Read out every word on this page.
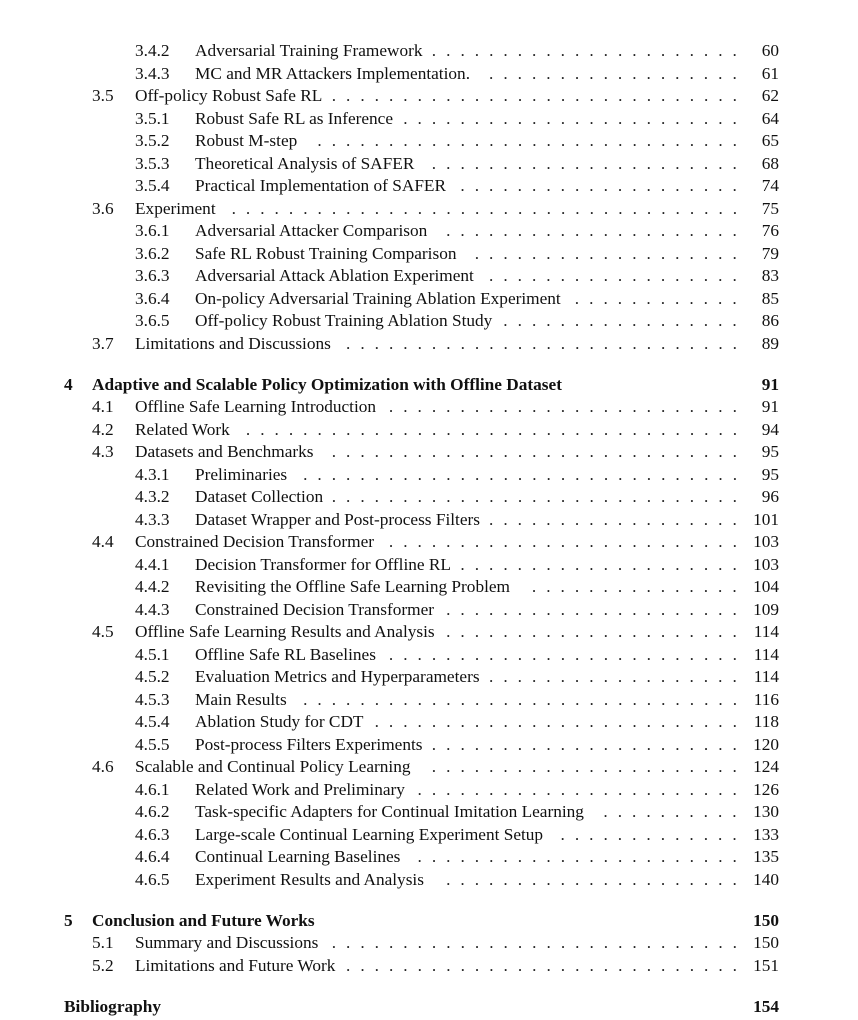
3.4.2 Adversarial Training Framework	60
......................
3.4.3 MC and MR Attackers Implementation.	61
..................
3.5 Off-policy Robust Safe RL	62
.............................
3.5.1 Robust Safe RL as Inference	64
........................
3.5.2 Robust M-step	65
..............................
3.5.3 Theoretical Analysis of SAFER	68
......................
3.5.4 Practical Implementation of SAFER	74
....................
3.6 Experiment	75
....................................
3.6.1 Adversarial Attacker Comparison	76
.....................
3.6.2 Safe RL Robust Training Comparison	79
...................
3.6.3 Adversarial Attack Ablation Experiment	83
..................
3.6.4 On-policy Adversarial Training Ablation Experiment	85
............
3.6.5 Off-policy Robust Training Ablation Study	86
.................
3.7 Limitations and Discussions	89
............................
4 Adaptive and Scalable Policy Optimization with Offline Dataset	91
4.1 Offline Safe Learning Introduction	91
.........................
4.2 Related Work	94
...................................
4.3 Datasets and Benchmarks	95
.............................
4.3.1 Preliminaries	95
...............................
4.3.2 Dataset Collection	96
.............................
4.3.3 Dataset Wrapper and Post-process Filters	101
..................
4.4 Constrained Decision Transformer	103
.........................
4.4.1 Decision Transformer for Offline RL	103
....................
4.4.2 Revisiting the Offline Safe Learning Problem	104
...............
4.4.3 Constrained Decision Transformer	109
.....................
4.5 Offline Safe Learning Results and Analysis	114
.....................
4.5.1 Offline Safe RL Baselines	114
.........................
4.5.2 Evaluation Metrics and Hyperparameters	114
..................
4.5.3 Main Results	116
...............................
4.5.4 Ablation Study for CDT	118
..........................
4.5.5 Post-process Filters Experiments	120
......................
4.6 Scalable and Continual Policy Learning	124
......................
4.6.1 Related Work and Preliminary	126
.......................
4.6.2 Task-specific Adapters for Continual Imitation Learning	130
..........
4.6.3 Large-scale Continual Learning Experiment Setup	133
.............
4.6.4 Continual Learning Baselines	135
.......................
4.6.5 Experiment Results and Analysis	140
.....................
5 Conclusion and Future Works	150
5.1 Summary and Discussions	150
.............................
5.2 Limitations and Future Work	151
............................
Bibliography	154
